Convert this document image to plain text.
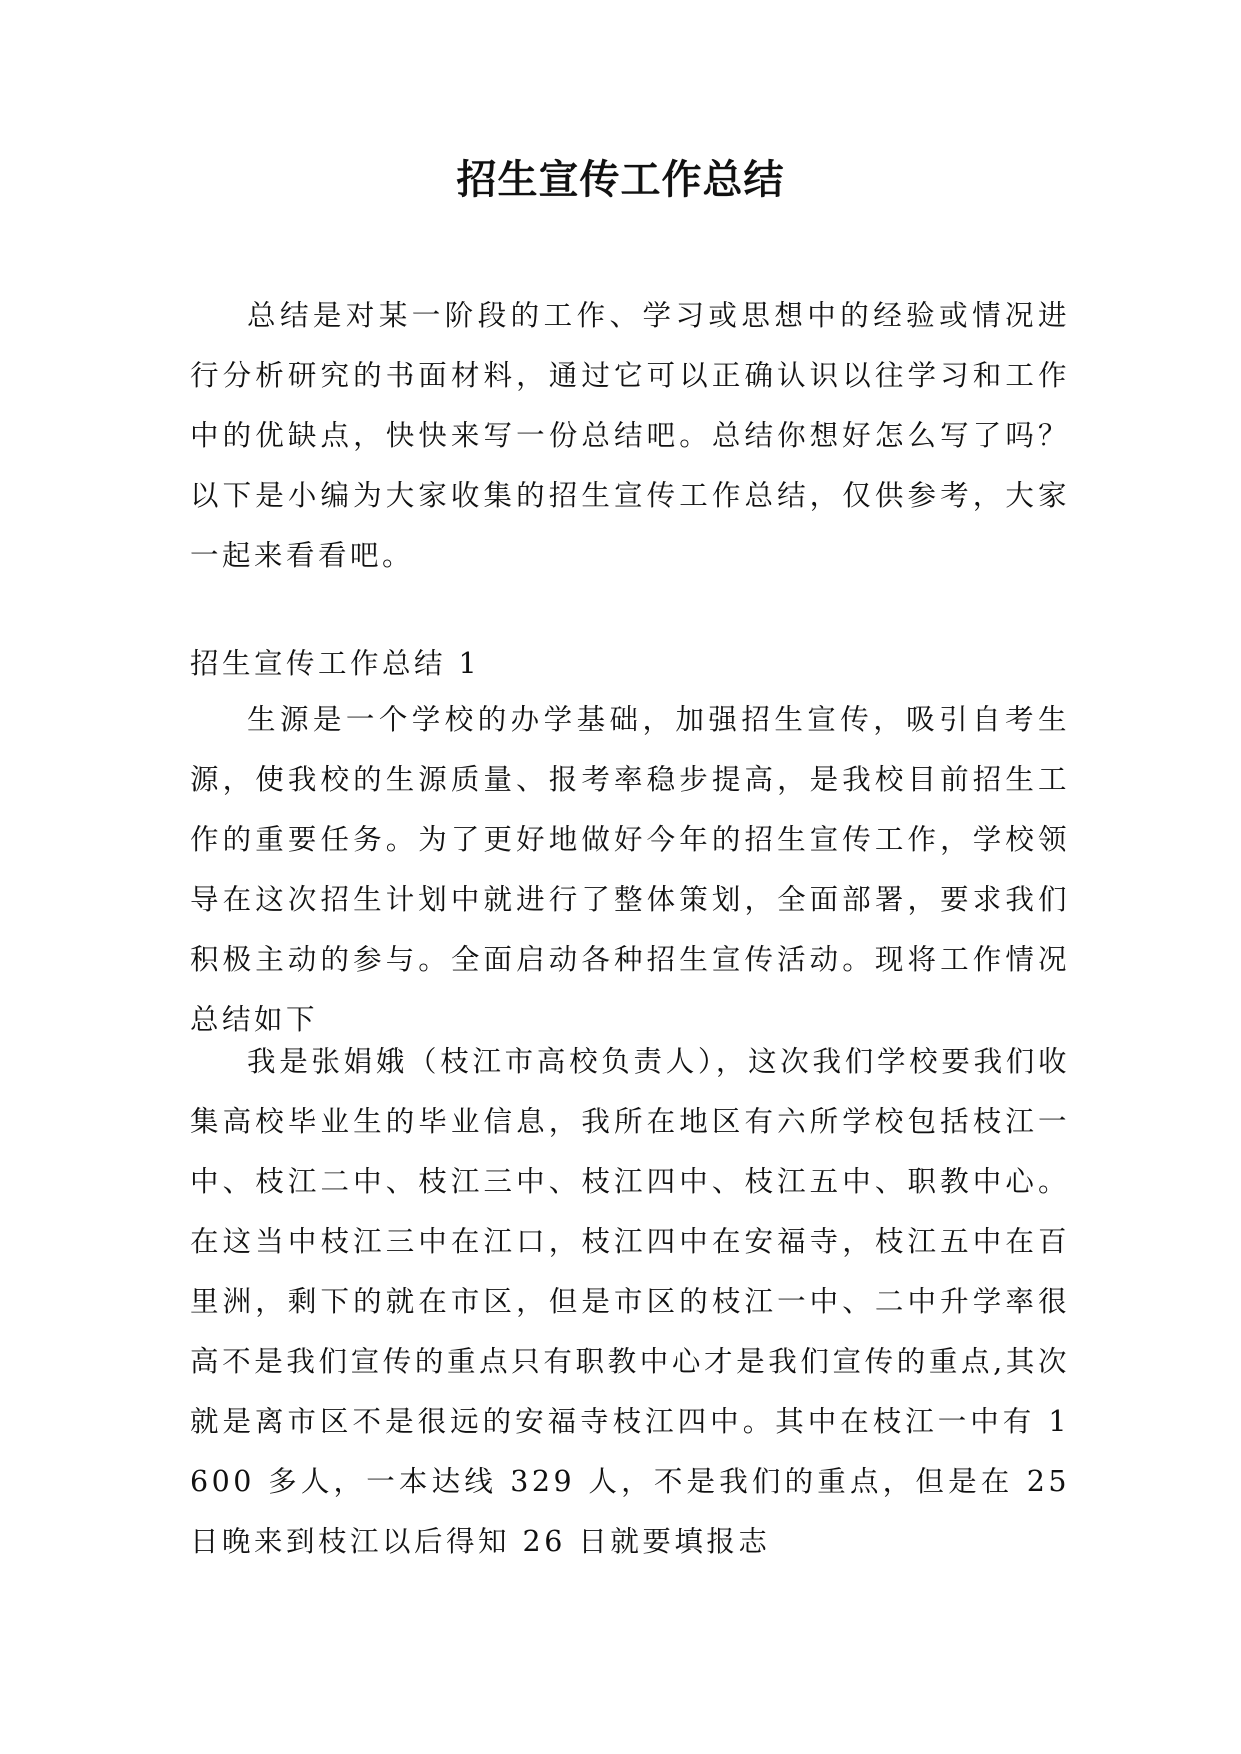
招生宣传工作总结
总结是对某一阶段的工作、学习或思想中的经验或情况进行分析研究的书面材料，通过它可以正确认识以往学习和工作中的优缺点，快快来写一份总结吧。总结你想好怎么写了吗？以下是小编为大家收集的招生宣传工作总结，仅供参考，大家一起来看看吧。
招生宣传工作总结 1
生源是一个学校的办学基础，加强招生宣传，吸引自考生源，使我校的生源质量、报考率稳步提高，是我校目前招生工作的重要任务。为了更好地做好今年的招生宣传工作，学校领导在这次招生计划中就进行了整体策划，全面部署，要求我们积极主动的参与。全面启动各种招生宣传活动。现将工作情况总结如下
我是张娟娥（枝江市高校负责人），这次我们学校要我们收集高校毕业生的毕业信息，我所在地区有六所学校包括枝江一中、枝江二中、枝江三中、枝江四中、枝江五中、职教中心。在这当中枝江三中在江口，枝江四中在安福寺，枝江五中在百里洲，剩下的就在市区，但是市区的枝江一中、二中升学率很高不是我们宣传的重点只有职教中心才是我们宣传的重点,其次就是离市区不是很远的安福寺枝江四中。其中在枝江一中有 1600 多人，一本达线 329 人，不是我们的重点，但是在 25 日晚来到枝江以后得知 26 日就要填报志
